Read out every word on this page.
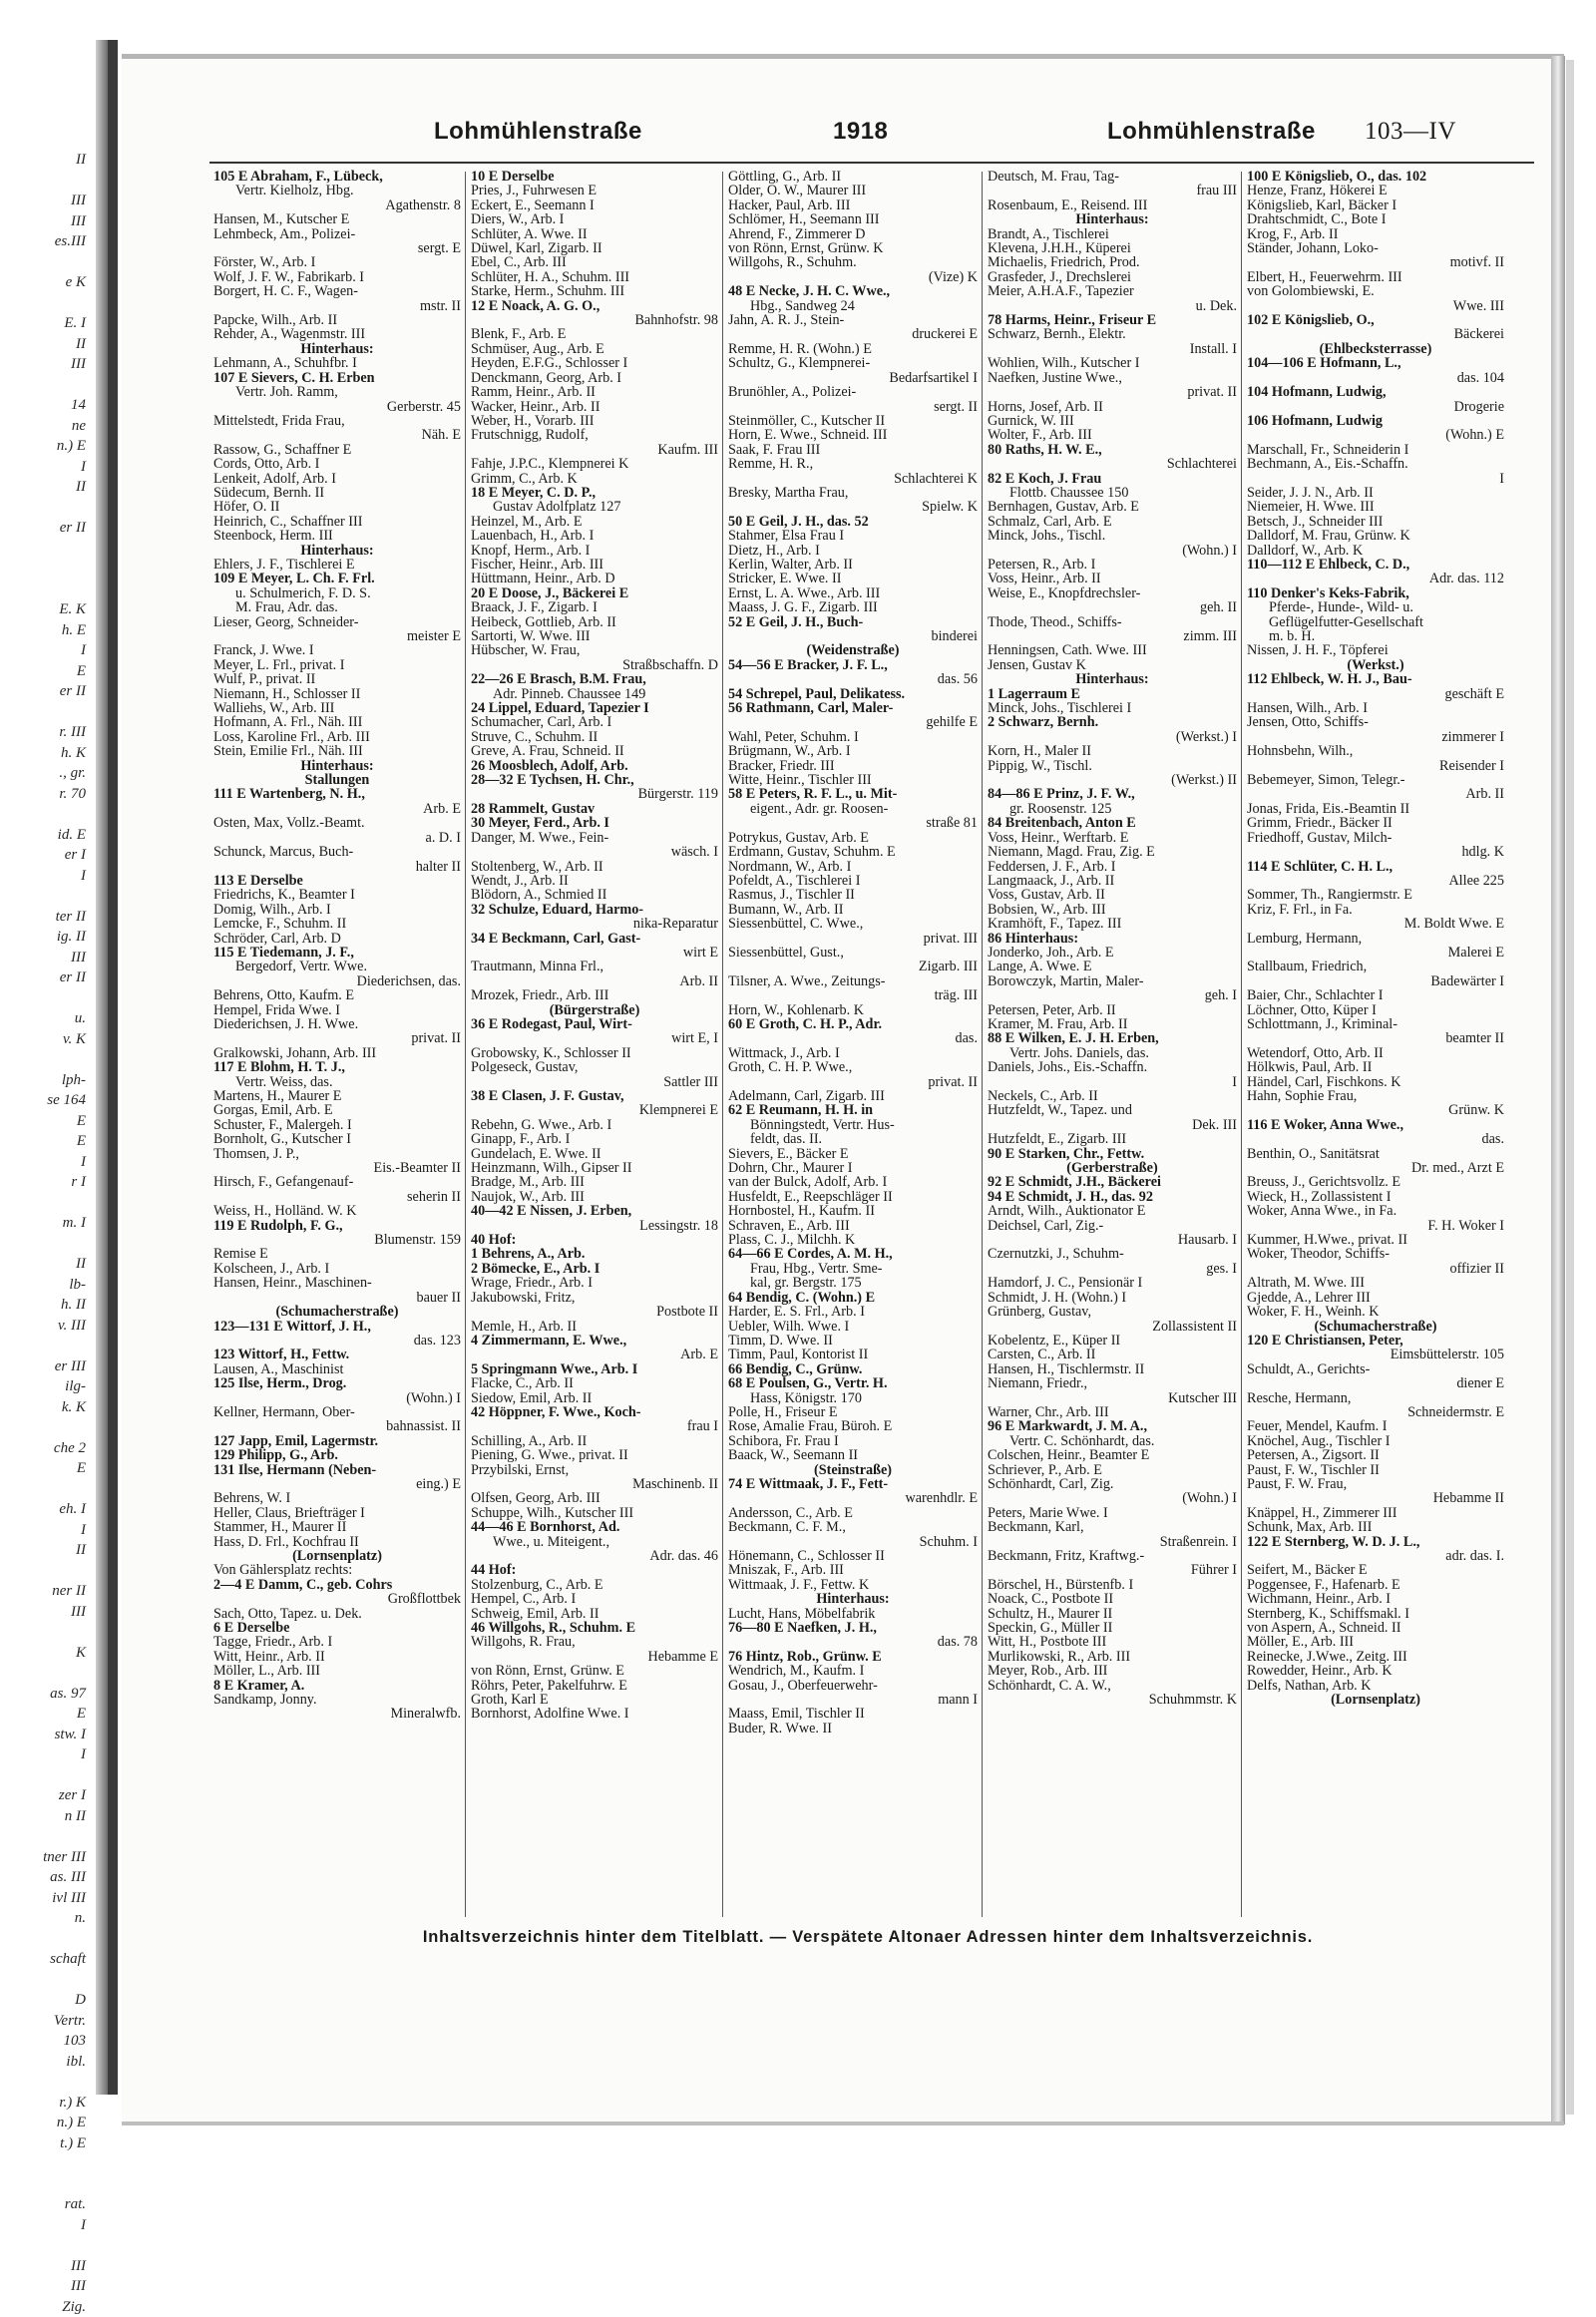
II

III
III
es.III

e K

E. I
II
III

14
ne
n.) E
I
II

er II

E. K
h. E
I
E
er II

r. III
h. K
., gr.
r. 70

id. E
er I
I

ter II
ig. II
III
er II

u.
v. K

lph-
se 164
E
E
I
r I

m. I

II
lb-
h. II
v. III

er III
ilg-
k. K

che 2
E

eh. I
I
II

ner II
III

K

as. 97
E
stw. I
I

zer I
n II

tner III
as. III
ivl III
n.

schaft

D
Vertr.
103
ibl.

r.) K
n.) E
t.) E

rat.
I

III
III
Zig.
Lohmühlenstraße	1918	Lohmühlenstraße 103—IV
105 E Abraham, F., Lübeck,
Vertr. Kielholz, Hbg.
Agathenstr. 8
Hansen, M., Kutscher E
Lehmbeck, Am., Polizei-
sergt. E
Förster, W., Arb. I
Wolf, J. F. W., Fabrikarb. I
Borgert, H. C. F., Wagen-
mstr. II
Papcke, Wilh., Arb. II
Rehder, A., Wagenmstr. III
Hinterhaus:
Lehmann, A., Schuhfbr. I
107 E Sievers, C. H. Erben
Vertr. Joh. Ramm,
Gerberstr. 45
Mittelstedt, Frida Frau,
Näh. E
Rassow, G., Schaffner E
Cords, Otto, Arb. I
Lenkeit, Adolf, Arb. I
Südecum, Bernh. II
Höfer, O. II
Heinrich, C., Schaffner III
Steenbock, Herm. III
Hinterhaus:
Ehlers, J. F., Tischlerei E
109 E Meyer, L. Ch. F. Frl.
u. Schulmerich, F. D. S.
M. Frau, Adr. das.
Lieser, Georg, Schneider-
meister E
Franck, J. Wwe. I
Meyer, L. Frl., privat. I
Wulf, P., privat. II
Niemann, H., Schlosser II
Walliehs, W., Arb. III
Hofmann, A. Frl., Näh. III
Loss, Karoline Frl., Arb. III
Stein, Emilie Frl., Näh. III
Hinterhaus:
Stallungen
111 E Wartenberg, N. H.,
Arb. E
Osten, Max, Vollz.-Beamt.
a. D. I
Schunck, Marcus, Buch-
halter II
113 E Derselbe
Friedrichs, K., Beamter I
Domig, Wilh., Arb. I
Lemcke, F., Schuhm. II
Schröder, Carl, Arb. D
115 E Tiedemann, J. F.,
Bergedorf, Vertr. Wwe.
Diederichsen, das.
Behrens, Otto, Kaufm. E
Hempel, Frida Wwe. I
Diederichsen, J. H. Wwe.
privat. II
Gralkowski, Johann, Arb. III
117 E Blohm, H. T. J.,
Vertr. Weiss, das.
Martens, H., Maurer E
Gorgas, Emil, Arb. E
Schuster, F., Malergeh. I
Bornholt, G., Kutscher I
Thomsen, J. P.,
Eis.-Beamter II
Hirsch, F., Gefangenauf-
seherin II
Weiss, H., Holländ. W. K
119 E Rudolph, F. G.,
Blumenstr. 159
Remise E
Kolscheen, J., Arb. I
Hansen, Heinr., Maschinen-
bauer II
(Schumacherstraße)
123—131 E Wittorf, J. H.,
das. 123
123 Wittorf, H., Fettw.
Lausen, A., Maschinist
125 Ilse, Herm., Drog.
(Wohn.) I
Kellner, Hermann, Ober-
bahnassist. II
127 Japp, Emil, Lagermstr.
129 Philipp, G., Arb.
131 Ilse, Hermann (Neben-
eing.) E
Behrens, W. I
Heller, Claus, Briefträger I
Stammer, H., Maurer II
Hass, D. Frl., Kochfrau II
(Lornsenplatz)
Von Gählersplatz rechts:
2—4 E Damm, C., geb. Cohrs
Großflottbek
Sach, Otto, Tapez. u. Dek.
6 E Derselbe
Tagge, Friedr., Arb. I
Witt, Heinr., Arb. II
Möller, L., Arb. III
8 E Kramer, A.
Sandkamp, Jonny.
Mineralwfb.
10 E Derselbe
Pries, J., Fuhrwesen E
Eckert, E., Seemann I
Diers, W., Arb. I
Schlüter, A. Wwe. II
Düwel, Karl, Zigarb. II
Ebel, C., Arb. III
Schlüter, H. A., Schuhm. III
Starke, Herm., Schuhm. III
12 E Noack, A. G. O.,
Bahnhofstr. 98
Blenk, F., Arb. E
Schmüser, Aug., Arb. E
Heyden, E.F.G., Schlosser I
Denckmann, Georg, Arb. I
Ramm, Heinr., Arb. II
Wacker, Heinr., Arb. II
Weber, H., Vorarb. III
Frutschnigg, Rudolf,
Kaufm. III
Fahje, J.P.C., Klempnerei K
Grimm, C., Arb. K
18 E Meyer, C. D. P.,
Gustav Adolfplatz 127
Heinzel, M., Arb. E
Lauenbach, H., Arb. I
Knopf, Herm., Arb. I
Fischer, Heinr., Arb. III
Hüttmann, Heinr., Arb. D
20 E Doose, J., Bäckerei E
Braack, J. F., Zigarb. I
Heibeck, Gottlieb, Arb. II
Sartorti, W. Wwe. III
Hübscher, W. Frau,
Straßbschaffn. D
22—26 E Brasch, B.M. Frau,
Adr. Pinneb. Chaussee 149
24 Lippel, Eduard, Tapezier I
Schumacher, Carl, Arb. I
Struve, C., Schuhm. II
Greve, A. Frau, Schneid. II
26 Moosblech, Adolf, Arb.
28—32 E Tychsen, H. Chr.,
Bürgerstr. 119
28 Rammelt, Gustav
30 Meyer, Ferd., Arb. I
Danger, M. Wwe., Fein-
wäsch. I
Stoltenberg, W., Arb. II
Wendt, J., Arb. II
Blödorn, A., Schmied II
32 Schulze, Eduard, Harmo-
nika-Reparatur
34 E Beckmann, Carl, Gast-
wirt E
Trautmann, Minna Frl.,
Arb. II
Mrozek, Friedr., Arb. III
(Bürgerstraße)
36 E Rodegast, Paul, Wirt-
wirt E, I
Grobowsky, K., Schlosser II
Polgeseck, Gustav,
Sattler III
38 E Clasen, J. F. Gustav,
Klempnerei E
Rebehn, G. Wwe., Arb. I
Ginapp, F., Arb. I
Gundelach, E. Wwe. II
Heinzmann, Wilh., Gipser II
Bradge, M., Arb. III
Naujok, W., Arb. III
40—42 E Nissen, J. Erben,
Lessingstr. 18
40 Hof:
1 Behrens, A., Arb.
2 Bömecke, E., Arb. I
Wrage, Friedr., Arb. I
Jakubowski, Fritz,
Postbote II
Memle, H., Arb. II
4 Zimmermann, E. Wwe.,
Arb. E
5 Springmann Wwe., Arb. I
Flacke, C., Arb. II
Siedow, Emil, Arb. II
42 Höppner, F. Wwe., Koch-
frau I
Schilling, A., Arb. II
Piening, G. Wwe., privat. II
Przybilski, Ernst,
Maschinenb. II
Olfsen, Georg, Arb. III
Schuppe, Wilh., Kutscher III
44—46 E Bornhorst, Ad.
Wwe., u. Miteigent.,
Adr. das. 46
44 Hof:
Stolzenburg, C., Arb. E
Hempel, C., Arb. I
Schweig, Emil, Arb. II
46 Willgohs, R., Schuhm. E
Willgohs, R. Frau,
Hebamme E
von Rönn, Ernst, Grünw. E
Röhrs, Peter, Pakelfuhrw. E
Groth, Karl E
Bornhorst, Adolfine Wwe. I
Göttling, G., Arb. II
Older, O. W., Maurer III
Hacker, Paul, Arb. III
Schlömer, H., Seemann III
Ahrend, F., Zimmerer D
von Rönn, Ernst, Grünw. K
Willgohs, R., Schuhm.
(Vize) K
48 E Necke, J. H. C. Wwe.,
Hbg., Sandweg 24
Jahn, A. R. J., Stein-
druckerei E
Remme, H. R. (Wohn.) E
Schultz, G., Klempnerei-
Bedarfsartikel I
Brunöhler, A., Polizei-
sergt. II
Steinmöller, C., Kutscher II
Horn, E. Wwe., Schneid. III
Saak, F. Frau III
Remme, H. R.,
Schlachterei K
Bresky, Martha Frau,
Spielw. K
50 E Geil, J. H., das. 52
Stahmer, Elsa Frau I
Dietz, H., Arb. I
Kerlin, Walter, Arb. II
Stricker, E. Wwe. II
Ernst, L. A. Wwe., Arb. III
Maass, J. G. F., Zigarb. III
52 E Geil, J. H., Buch-
binderei
(Weidenstraße)
54—56 E Bracker, J. F. L.,
das. 56
54 Schrepel, Paul, Delikatess.
56 Rathmann, Carl, Maler-
gehilfe E
Wahl, Peter, Schuhm. I
Brügmann, W., Arb. I
Bracker, Friedr. III
Witte, Heinr., Tischler III
58 E Peters, R. F. L., u. Mit-
eigent., Adr. gr. Roosen-
straße 81
Potrykus, Gustav, Arb. E
Erdmann, Gustav, Schuhm. E
Nordmann, W., Arb. I
Pofeldt, A., Tischlerei I
Rasmus, J., Tischler II
Bumann, W., Arb. II
Siessenbüttel, C. Wwe.,
privat. III
Siessenbüttel, Gust.,
Zigarb. III
Tilsner, A. Wwe., Zeitungs-
träg. III
Horn, W., Kohlenarb. K
60 E Groth, C. H. P., Adr.
das.
Wittmack, J., Arb. I
Groth, C. H. P. Wwe.,
privat. II
Adelmann, Carl, Zigarb. III
62 E Reumann, H. H. in
Bönningstedt, Vertr. Hus-
feldt, das. II.
Sievers, E., Bäcker E
Dohrn, Chr., Maurer I
van der Bulck, Adolf, Arb. I
Husfeldt, E., Reepschläger II
Hornbostel, H., Kaufm. II
Schraven, E., Arb. III
Plass, C. J., Milchh. K
64—66 E Cordes, A. M. H.,
Frau, Hbg., Vertr. Sme-
kal, gr. Bergstr. 175
64 Bendig, C. (Wohn.) E
Harder, E. S. Frl., Arb. I
Uebler, Wilh. Wwe. I
Timm, D. Wwe. II
Timm, Paul, Kontorist II
66 Bendig, C., Grünw.
68 E Poulsen, G., Vertr. H.
Hass, Königstr. 170
Polle, H., Friseur E
Rose, Amalie Frau, Büroh. E
Schibora, Fr. Frau I
Baack, W., Seemann II
(Steinstraße)
74 E Wittmaak, J. F., Fett-
warenhdlr. E
Andersson, C., Arb. E
Beckmann, C. F. M.,
Schuhm. I
Hönemann, C., Schlosser II
Mniszak, F., Arb. III
Wittmaak, J. F., Fettw. K
Hinterhaus:
Lucht, Hans, Möbelfabrik
76—80 E Naefken, J. H.,
das. 78
76 Hintz, Rob., Grünw. E
Wendrich, M., Kaufm. I
Gosau, J., Oberfeuerwehr-
mann I
Maass, Emil, Tischler II
Buder, R. Wwe. II
Deutsch, M. Frau, Tag-
frau III
Rosenbaum, E., Reisend. III
Hinterhaus:
Brandt, A., Tischlerei
Klevena, J.H.H., Küperei
Michaelis, Friedrich, Prod.
Grasfeder, J., Drechslerei
Meier, A.H.A.F., Tapezier
u. Dek.
78 Harms, Heinr., Friseur E
Schwarz, Bernh., Elektr.
Install. I
Wohlien, Wilh., Kutscher I
Naefken, Justine Wwe.,
privat. II
Horns, Josef, Arb. II
Gurnick, W. III
Wolter, F., Arb. III
80 Raths, H. W. E.,
Schlachterei
82 E Koch, J. Frau
Flottb. Chaussee 150
Bernhagen, Gustav, Arb. E
Schmalz, Carl, Arb. E
Minck, Johs., Tischl.
(Wohn.) I
Petersen, R., Arb. I
Voss, Heinr., Arb. II
Weise, E., Knopfdrechsler-
geh. II
Thode, Theod., Schiffs-
zimm. III
Henningsen, Cath. Wwe. III
Jensen, Gustav K
Hinterhaus:
1 Lagerraum E
Minck, Johs., Tischlerei I
2 Schwarz, Bernh.
(Werkst.) I
Korn, H., Maler II
Pippig, W., Tischl.
(Werkst.) II
84—86 E Prinz, J. F. W.,
gr. Roosenstr. 125
84 Breitenbach, Anton E
Voss, Heinr., Werftarb. E
Niemann, Magd. Frau, Zig. E
Feddersen, J. F., Arb. I
Langmaack, J., Arb. II
Voss, Gustav, Arb. II
Bobsien, W., Arb. III
Kramhöft, F., Tapez. III
86 Hinterhaus:
Jonderko, Joh., Arb. E
Lange, A. Wwe. E
Borowczyk, Martin, Maler-
geh. I
Petersen, Peter, Arb. II
Kramer, M. Frau, Arb. II
88 E Wilken, E. J. H. Erben,
Vertr. Johs. Daniels, das.
Daniels, Johs., Eis.-Schaffn.
I
Neckels, C., Arb. II
Hutzfeldt, W., Tapez. und
Dek. III
Hutzfeldt, E., Zigarb. III
90 E Starken, Chr., Fettw.
(Gerberstraße)
92 E Schmidt, J.H., Bäckerei
94 E Schmidt, J. H., das. 92
Arndt, Wilh., Auktionator E
Deichsel, Carl, Zig.-
Hausarb. I
Czernutzki, J., Schuhm-
ges. I
Hamdorf, J. C., Pensionär I
Schmidt, J. H. (Wohn.) I
Grünberg, Gustav,
Zollassistent II
Kobelentz, E., Küper II
Carsten, C., Arb. II
Hansen, H., Tischlermstr. II
Niemann, Friedr.,
Kutscher III
Warner, Chr., Arb. III
96 E Markwardt, J. M. A.,
Vertr. C. Schönhardt, das.
Colschen, Heinr., Beamter E
Schriever, P., Arb. E
Schönhardt, Carl, Zig.
(Wohn.) I
Peters, Marie Wwe. I
Beckmann, Karl,
Straßenrein. I
Beckmann, Fritz, Kraftwg.-
Führer I
Börschel, H., Bürstenfb. I
Noack, C., Postbote II
Schultz, H., Maurer II
Speckin, G., Müller II
Witt, H., Postbote III
Murlikowski, R., Arb. III
Meyer, Rob., Arb. III
Schönhardt, C. A. W.,
Schuhmmstr. K
100 E Königslieb, O., das. 102
Henze, Franz, Hökerei E
Königslieb, Karl, Bäcker I
Drahtschmidt, C., Bote I
Krog, F., Arb. II
Ständer, Johann, Loko-
motivf. II
Elbert, H., Feuerwehrm. III
von Golombiewski, E.
Wwe. III
102 E Königslieb, O.,
Bäckerei
(Ehlbeckstеrrasse)
104—106 E Hofmann, L.,
das. 104
104 Hofmann, Ludwig,
Drogerie
106 Hofmann, Ludwig
(Wohn.) E
Marschall, Fr., Schneiderin I
Bechmann, A., Eis.-Schaffn.
I
Seider, J. J. N., Arb. II
Niemeier, H. Wwe. III
Betsch, J., Schneider III
Dalldorf, M. Frau, Grünw. K
Dalldorf, W., Arb. K
110—112 E Ehlbeck, C. D.,
Adr. das. 112
110 Denker's Keks-Fabrik,
Pferde-, Hunde-, Wild- u.
Geflügelfutter-Gesellschaft
m. b. H.
Nissen, J. H. F., Töpferei
(Werkst.)
112 Ehlbeck, W. H. J., Bau-
geschäft E
Hansen, Wilh., Arb. I
Jensen, Otto, Schiffs-
zimmerer I
Hohnsbehn, Wilh.,
Reisender I
Bebemeyer, Simon, Telegr.-
Arb. II
Jonas, Frida, Eis.-Beamtin II
Grimm, Friedr., Bäcker II
Friedhoff, Gustav, Milch-
hdlg. K
114 E Schlüter, C. H. L.,
Allee 225
Sommer, Th., Rangiermstr. E
Kriz, F. Frl., in Fa.
M. Boldt Wwe. E
Lemburg, Hermann,
Malerei E
Stallbaum, Friedrich,
Badewärter I
Baier, Chr., Schlachter I
Löchner, Otto, Küper I
Schlottmann, J., Kriminal-
beamter II
Wetendorf, Otto, Arb. II
Hölkwis, Paul, Arb. II
Händel, Carl, Fischkons. K
Hahn, Sophie Frau,
Grünw. K
116 E Woker, Anna Wwe.,
das.
Benthin, O., Sanitätsrat
Dr. med., Arzt E
Breuss, J., Gerichtsvollz. E
Wieck, H., Zollassistent I
Woker, Anna Wwe., in Fa.
F. H. Woker I
Kummer, H.Wwe., privat. II
Woker, Theodor, Schiffs-
offizier II
Altrath, M. Wwe. III
Gjedde, A., Lehrer III
Woker, F. H., Weinh. K
(Schumacherstraße)
120 E Christiansen, Peter,
Eimsbüttelerstr. 105
Schuldt, A., Gerichts-
diener E
Resche, Hermann,
Schneidermstr. E
Feuer, Mendel, Kaufm. I
Knöchel, Aug., Tischler I
Petersen, A., Zigsort. II
Paust, F. W., Tischler II
Paust, F. W. Frau,
Hebamme II
Knäppel, H., Zimmerer III
Schunk, Max, Arb. III
122 E Sternberg, W. D. J. L.,
adr. das. I.
Seifert, M., Bäcker E
Poggensee, F., Hafenarb. E
Wichmann, Heinr., Arb. I
Sternberg, K., Schiffsmakl. I
von Aspern, A., Schneid. II
Möller, E., Arb. III
Reinecke, J.Wwe., Zeitg. III
Rowedder, Heinr., Arb. K
Delfs, Nathan, Arb. K
(Lornsenplatz)
Inhaltsverzeichnis hinter dem Titelblatt. — Verspätete Altonaer Adressen hinter dem Inhaltsverzeichnis.
